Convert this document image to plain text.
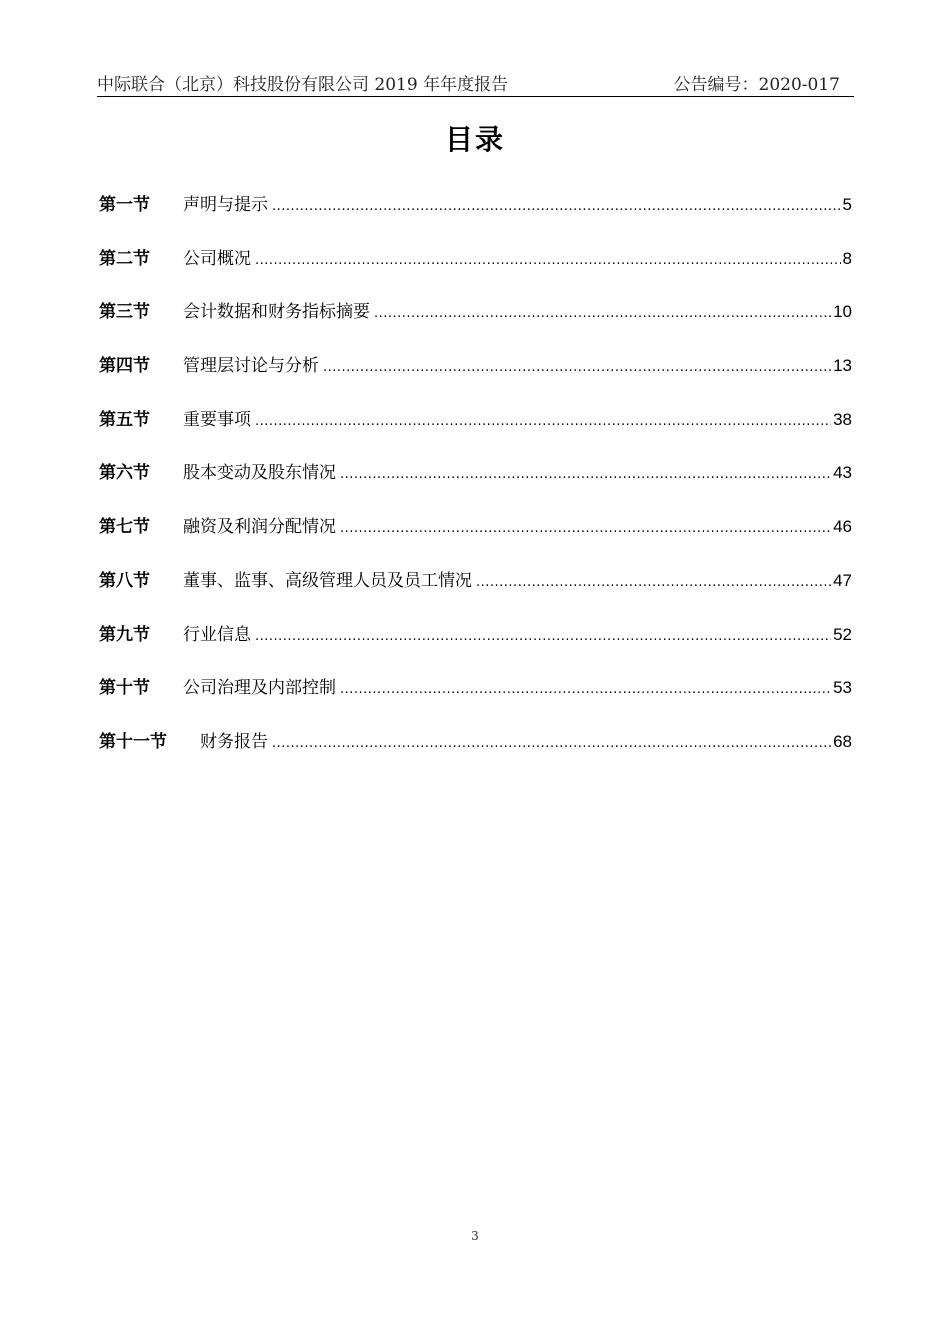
中际联合（北京）科技股份有限公司 2019 年年度报告	公告编号：2020-017
目录
第一节	声明与提示 .....	5
第二节	公司概况 .....	8
第三节	会计数据和财务指标摘要 .....	10
第四节	管理层讨论与分析 .....	13
第五节	重要事项 .....	38
第六节	股本变动及股东情况 .....	43
第七节	融资及利润分配情况 .....	46
第八节	董事、监事、高级管理人员及员工情况 .....	47
第九节	行业信息 .....	52
第十节	公司治理及内部控制 .....	53
第十一节	财务报告 .....	68
3
